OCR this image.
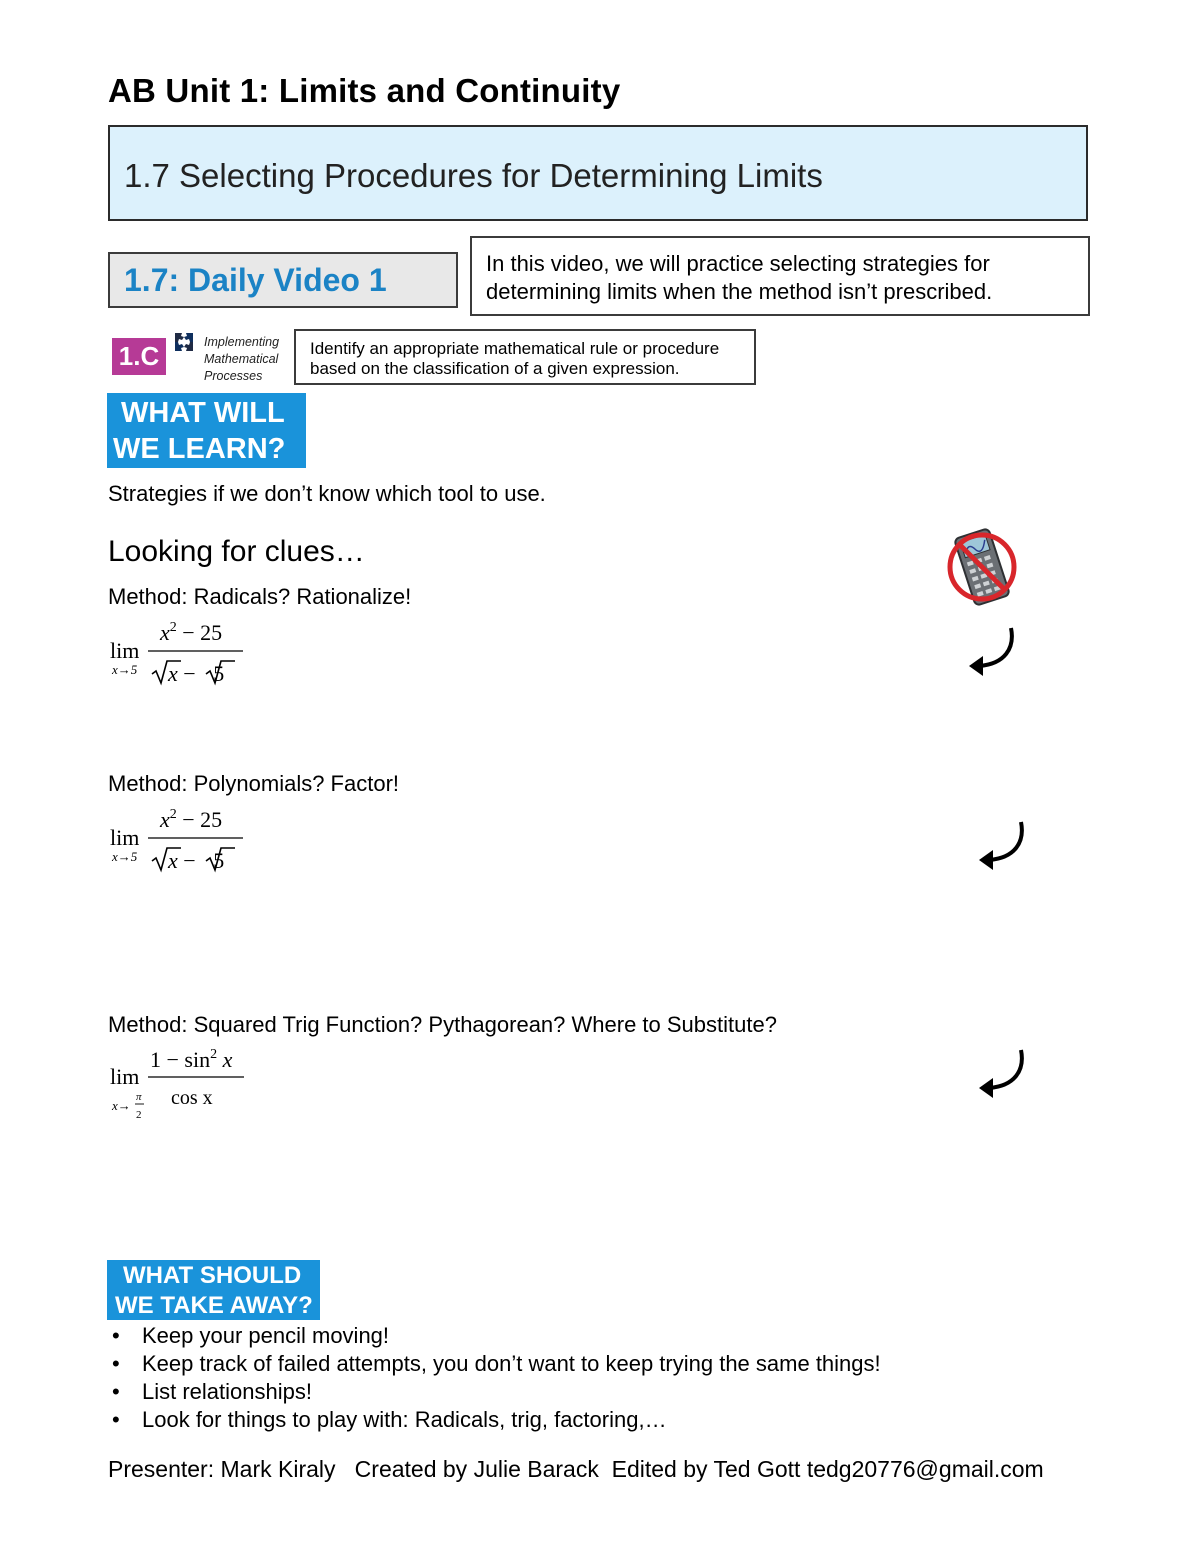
AB Unit 1: Limits and Continuity
1.7 Selecting Procedures for Determining Limits
1.7: Daily Video 1	In this video, we will practice selecting strategies for determining limits when the method isn’t prescribed.
1.C	Implementing
Mathematical
Processes
Identify an appropriate mathematical rule or procedure based on the classification of a given expression.
WHAT WILL
WE LEARN?
Strategies if we don’t know which tool to use.
Looking for clues…
Method: Radicals? Rationalize!
lim
x→5
$x^2 - 25$
x − 5
Method: Polynomials? Factor!
lim
x→5
$x^2 - 25$
x − 5
Method: Squared Trig Function? Pythagorean? Where to Substitute?
lim
x→
π
2
$1 - \sin^2 x$
cos x
WHAT SHOULD
WE TAKE AWAY?
• Keep your pencil moving!
• Keep track of failed attempts, you don’t want to keep trying the same things!
• List relationships!
• Look for things to play with: Radicals, trig, factoring,…
Presenter: Mark Kiraly   Created by Julie Barack  Edited by Ted Gott tedg20776@gmail.com
